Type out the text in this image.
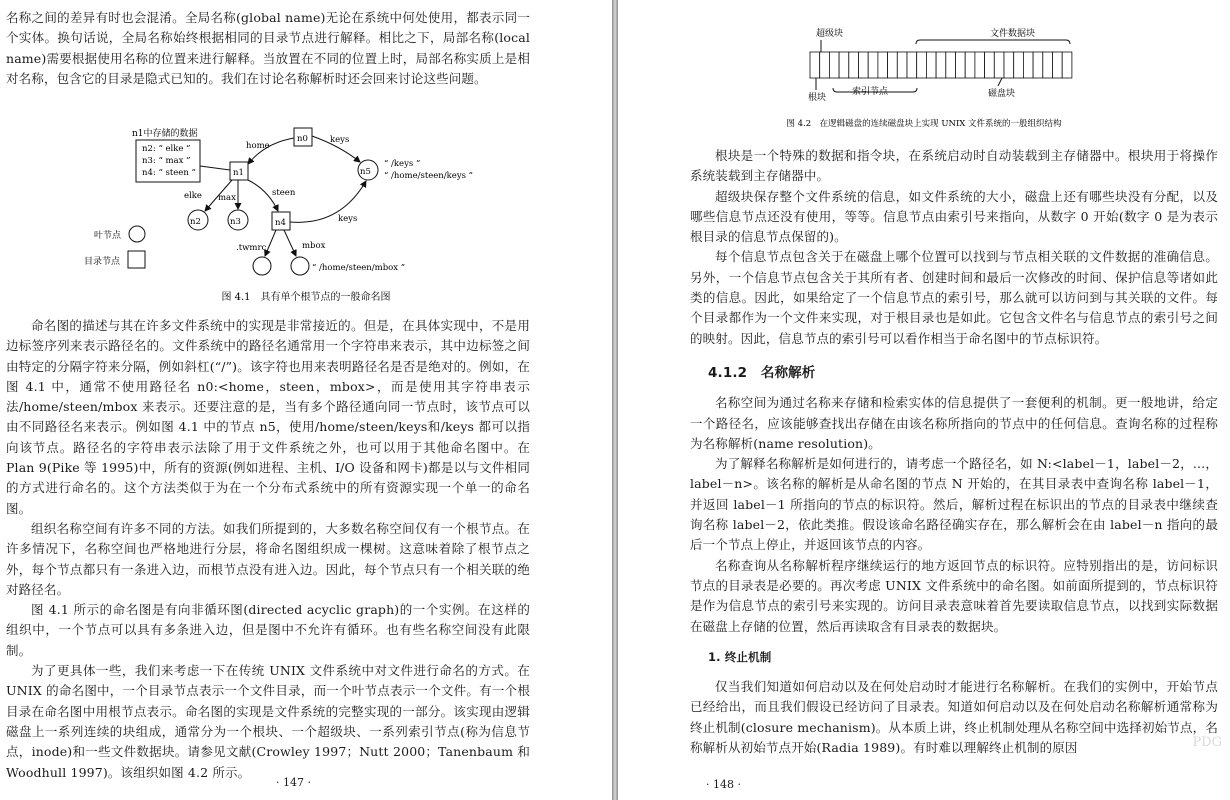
名称之间的差异有时也会混淆。全局名称(global name)无论在系统中何处使用，都表示同一个实体。换句话说，全局名称始终根据相同的目录节点进行解释。相比之下，局部名称(local name)需要根据使用名称的位置来进行解释。当放置在不同的位置上时，局部名称实质上是相对名称，包含它的目录是隐式已知的。我们在讨论名称解析时还会回来讨论这些问题。

n1中存储的数据
n2: “ elke ”
n3: “ max ”
n4: “ steen ”
n0
n1
n4
n2	n3
n5
home
keys
elke max	steen
keys
.twmrc	mbox
“ /keys ”
“ /home/steen/keys ”
“ /home/steen/mbox ”
叶节点
目录节点
图 4.1　具有单个根节点的一般命名图

命名图的描述与其在许多文件系统中的实现是非常接近的。但是，在具体实现中，不是用边标签序列来表示路径名的。文件系统中的路径名通常用一个字符串来表示，其中边标签之间由特定的分隔字符来分隔，例如斜杠(“/”)。该字符也用来表明路径名是否是绝对的。例如，在图 4.1 中，通常不使用路径名 n0:<home，steen，mbox>，而是使用其字符串表示法/home/steen/mbox 来表示。还要注意的是，当有多个路径通向同一节点时，该节点可以由不同路径名来表示。例如图 4.1 中的节点 n5，使用/home/steen/keys和/keys 都可以指向该节点。路径名的字符串表示法除了用于文件系统之外，也可以用于其他命名图中。在 Plan 9(Pike 等 1995)中，所有的资源(例如进程、主机、I/O 设备和网卡)都是以与文件相同的方式进行命名的。这个方法类似于为在一个分布式系统中的所有资源实现一个单一的命名图。

组织名称空间有许多不同的方法。如我们所提到的，大多数名称空间仅有一个根节点。在许多情况下，名称空间也严格地进行分层，将命名图组织成一棵树。这意味着除了根节点之外，每个节点都只有一条进入边，而根节点没有进入边。因此，每个节点只有一个相关联的绝对路径名。

图 4.1 所示的命名图是有向非循环图(directed acyclic graph)的一个实例。在这样的组织中，一个节点可以具有多条进入边，但是图中不允许有循环。也有些名称空间没有此限制。

为了更具体一些，我们来考虑一下在传统 UNIX 文件系统中对文件进行命名的方式。在 UNIX 的命名图中，一个目录节点表示一个文件目录，而一个叶节点表示一个文件。有一个根目录在命名图中用根节点表示。命名图的实现是文件系统的完整实现的一部分。该实现由逻辑磁盘上一系列连续的块组成，通常分为一个根块、一个超级块、一系列索引节点(称为信息节点，inode)和一些文件数据块。请参见文献(Crowley 1997；Nutt 2000；Tanenbaum 和 Woodhull 1997)。该组织如图 4.2 所示。

· 147 ·
超级块	文件数据块
索引节点
根块	磁盘块
图 4.2　在逻辑磁盘的连续磁盘块上实现 UNIX 文件系统的一般组织结构

根块是一个特殊的数据和指令块，在系统启动时自动装载到主存储器中。根块用于将操作系统装载到主存储器中。

超级块保存整个文件系统的信息，如文件系统的大小，磁盘上还有哪些块没有分配，以及哪些信息节点还没有使用，等等。信息节点由索引号来指向，从数字 0 开始(数字 0 是为表示根目录的信息节点保留的)。

每个信息节点包含关于在磁盘上哪个位置可以找到与节点相关联的文件数据的准确信息。另外，一个信息节点包含关于其所有者、创建时间和最后一次修改的时间、保护信息等诸如此类的信息。因此，如果给定了一个信息节点的索引号，那么就可以访问到与其关联的文件。每个目录都作为一个文件来实现，对于根目录也是如此。它包含文件名与信息节点的索引号之间的映射。因此，信息节点的索引号可以看作相当于命名图中的节点标识符。

4.1.2　名称解析

名称空间为通过名称来存储和检索实体的信息提供了一套便利的机制。更一般地讲，给定一个路径名，应该能够查找出存储在由该名称所指向的节点中的任何信息。查询名称的过程称为名称解析(name resolution)。

为了解释名称解析是如何进行的，请考虑一个路径名，如 N:<label－1，label－2，...，label－n>。该名称的解析是从命名图的节点 N 开始的，在其目录表中查询名称 label－1，并返回 label－1 所指向的节点的标识符。然后，解析过程在标识出的节点的目录表中继续查询名称 label－2，依此类推。假设该命名路径确实存在，那么解析会在由 label－n 指向的最后一个节点上停止，并返回该节点的内容。

名称查询从名称解析程序继续运行的地方返回节点的标识符。应特别指出的是，访问标识节点的目录表是必要的。再次考虑 UNIX 文件系统中的命名图。如前面所提到的，节点标识符是作为信息节点的索引号来实现的。访问目录表意味着首先要读取信息节点，以找到实际数据在磁盘上存储的位置，然后再读取含有目录表的数据块。

1. 终止机制

仅当我们知道如何启动以及在何处启动时才能进行名称解析。在我们的实例中，开始节点已经给出，而且我们假设已经访问了目录表。知道如何启动以及在何处启动名称解析通常称为终止机制(closure mechanism)。从本质上讲，终止机制处理从名称空间中选择初始节点，名称解析从初始节点开始(Radia 1989)。有时难以理解终止机制的原因

· 148 ·
PDG
